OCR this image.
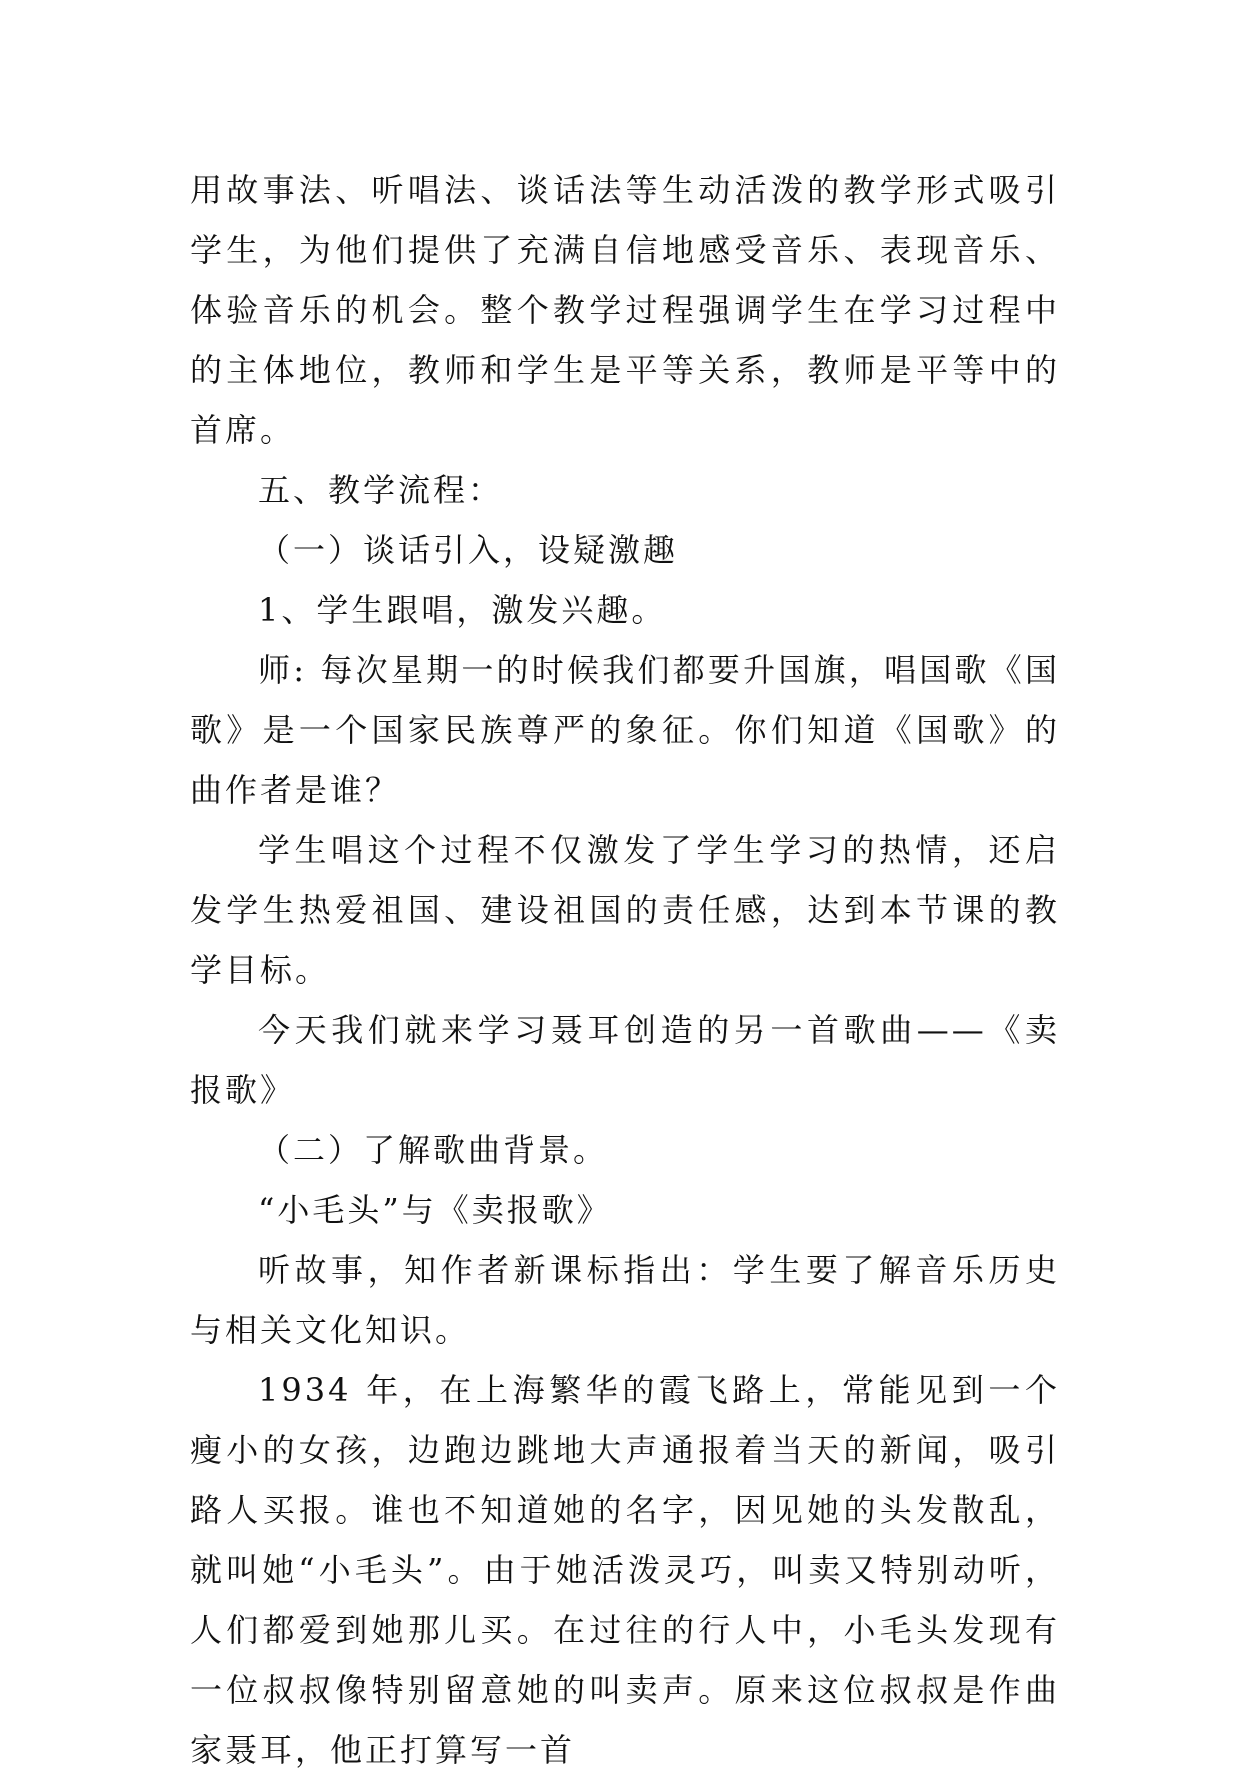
用故事法、听唱法、谈话法等生动活泼的教学形式吸引学生，为他们提供了充满自信地感受音乐、表现音乐、体验音乐的机会。整个教学过程强调学生在学习过程中的主体地位，教师和学生是平等关系，教师是平等中的首席。

五、教学流程：

（一）谈话引入，设疑激趣

1、学生跟唱，激发兴趣。

师: 每次星期一的时候我们都要升国旗，唱国歌《国歌》是一个国家民族尊严的象征。你们知道《国歌》的曲作者是谁？

学生唱这个过程不仅激发了学生学习的热情，还启发学生热爱祖国、建设祖国的责任感，达到本节课的教学目标。

今天我们就来学习聂耳创造的另一首歌曲——《卖报歌》

（二）了解歌曲背景。

“小毛头”与《卖报歌》

听故事，知作者新课标指出：学生要了解音乐历史与相关文化知识。

1934 年，在上海繁华的霞飞路上，常能见到一个瘦小的女孩，边跑边跳地大声通报着当天的新闻，吸引路人买报。谁也不知道她的名字，因见她的头发散乱，就叫她“小毛头”。由于她活泼灵巧，叫卖又特别动听，人们都爱到她那儿买。在过往的行人中，小毛头发现有一位叔叔像特别留意她的叫卖声。原来这位叔叔是作曲家聂耳，他正打算写一首
